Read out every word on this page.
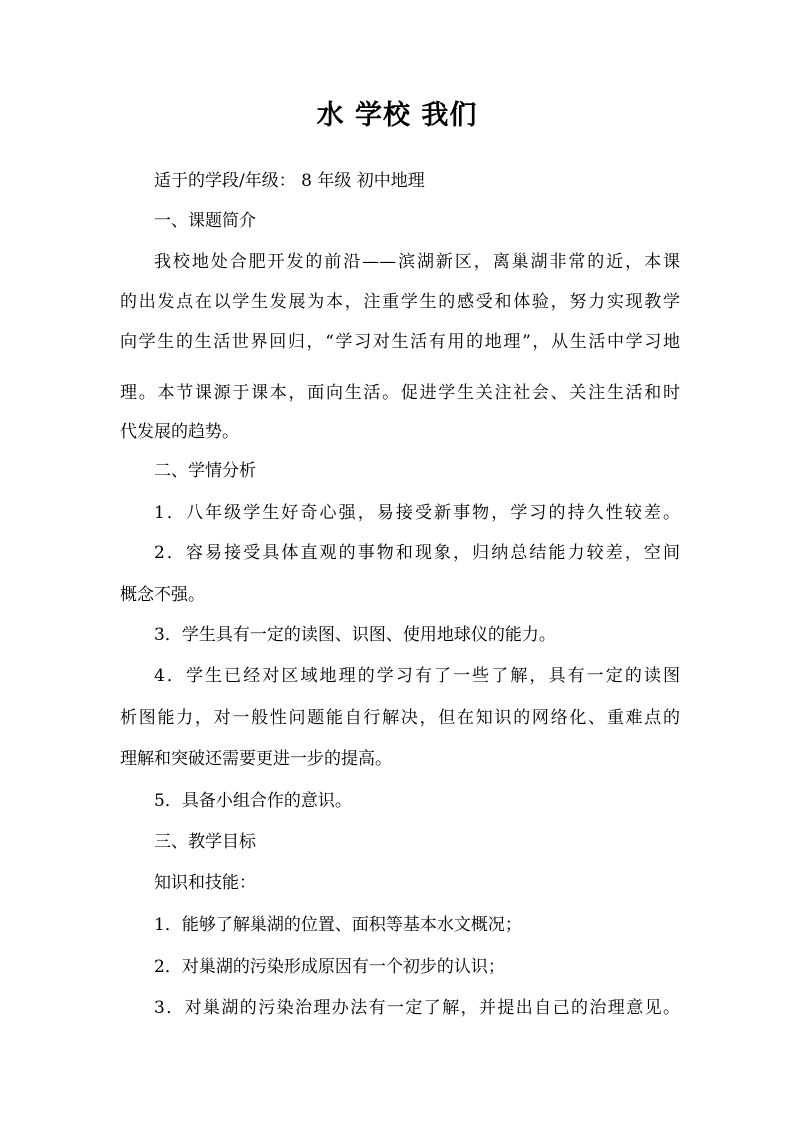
水 学校 我们
适于的学段/年级： 8 年级 初中地理
一、课题简介
我校地处合肥开发的前沿——滨湖新区，离巢湖非常的近，本课
的出发点在以学生发展为本，注重学生的感受和体验，努力实现教学
向学生的生活世界回归，“学习对生活有用的地理”，从生活中学习地
理。本节课源于课本，面向生活。促进学生关注社会、关注生活和时
代发展的趋势。
二、学情分析
1．八年级学生好奇心强，易接受新事物，学习的持久性较差。
2．容易接受具体直观的事物和现象，归纳总结能力较差，空间
概念不强。
3．学生具有一定的读图、识图、使用地球仪的能力。
4．学生已经对区域地理的学习有了一些了解，具有一定的读图
析图能力，对一般性问题能自行解决，但在知识的网络化、重难点的
理解和突破还需要更进一步的提高。
5．具备小组合作的意识。
三、教学目标
知识和技能：
1．能够了解巢湖的位置、面积等基本水文概况；
2．对巢湖的污染形成原因有一个初步的认识；
3．对巢湖的污染治理办法有一定了解，并提出自己的治理意见。
